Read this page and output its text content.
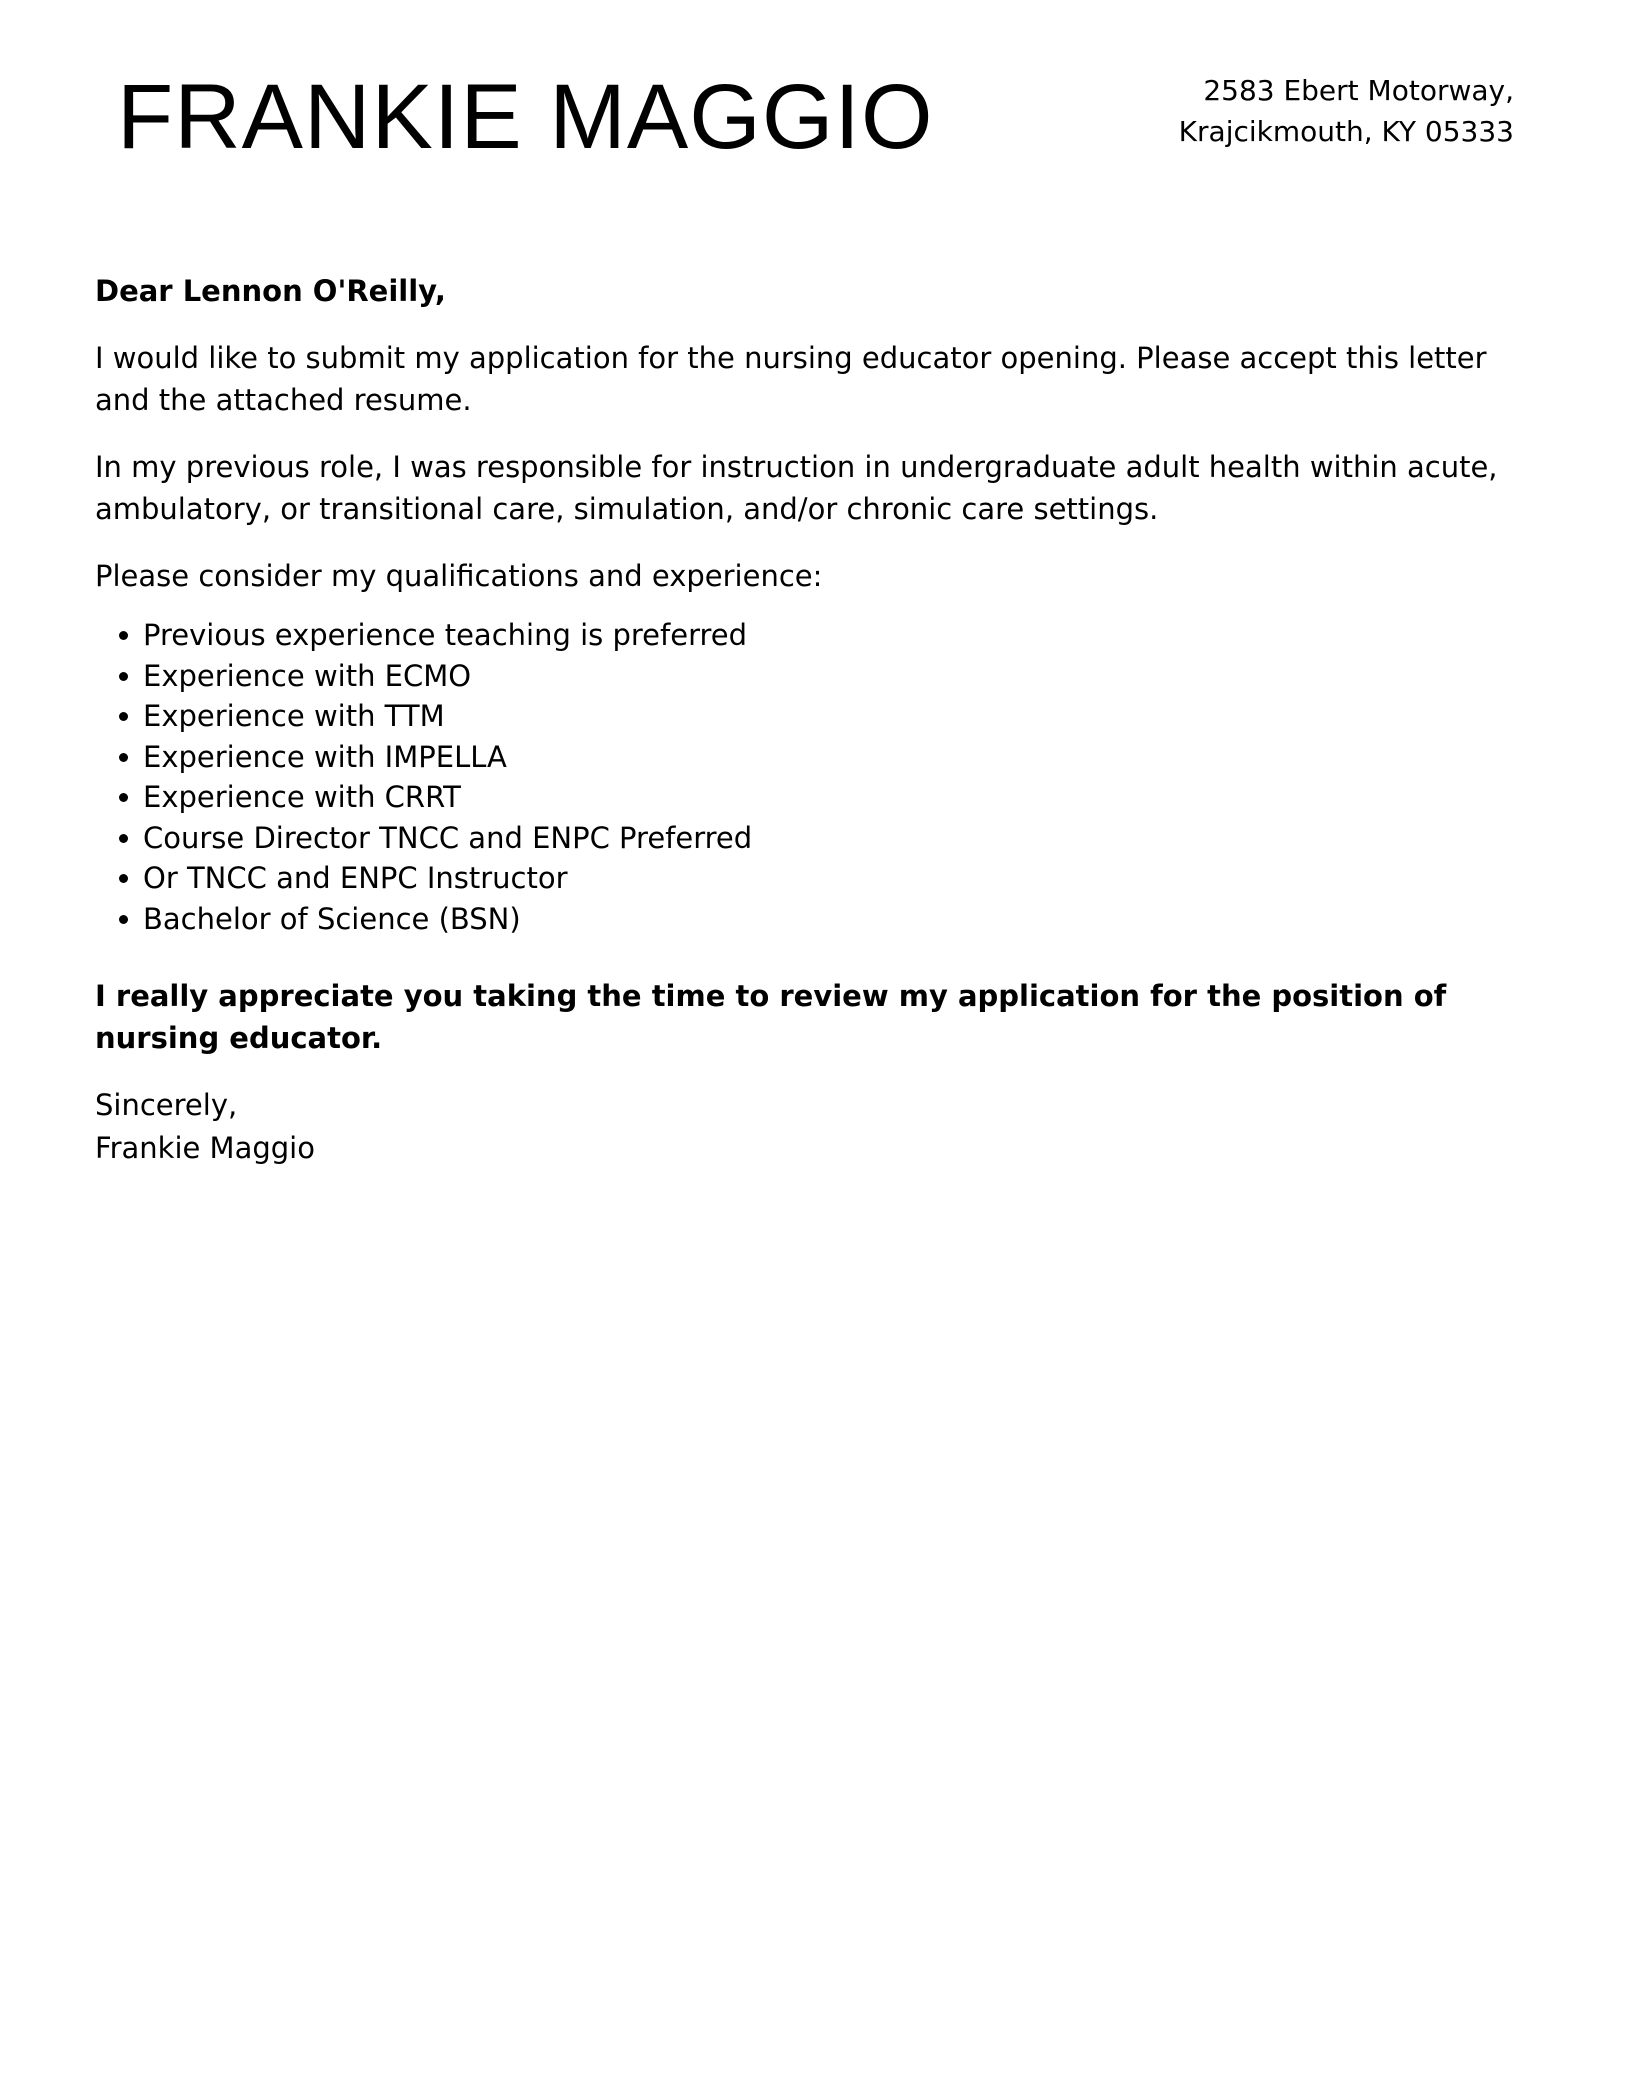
FRANKIE MAGGIO	2583 Ebert Motorway,
Krajcikmouth, KY 05333
Dear Lennon O'Reilly,
I would like to submit my application for the nursing educator opening. Please accept this letter and the attached resume.
In my previous role, I was responsible for instruction in undergraduate adult health within acute, ambulatory, or transitional care, simulation, and/or chronic care settings.
Please consider my qualifications and experience:
Previous experience teaching is preferred
Experience with ECMO
Experience with TTM
Experience with IMPELLA
Experience with CRRT
Course Director TNCC and ENPC Preferred
Or TNCC and ENPC Instructor
Bachelor of Science (BSN)
I really appreciate you taking the time to review my application for the position of nursing educator.
Sincerely,
Frankie Maggio
